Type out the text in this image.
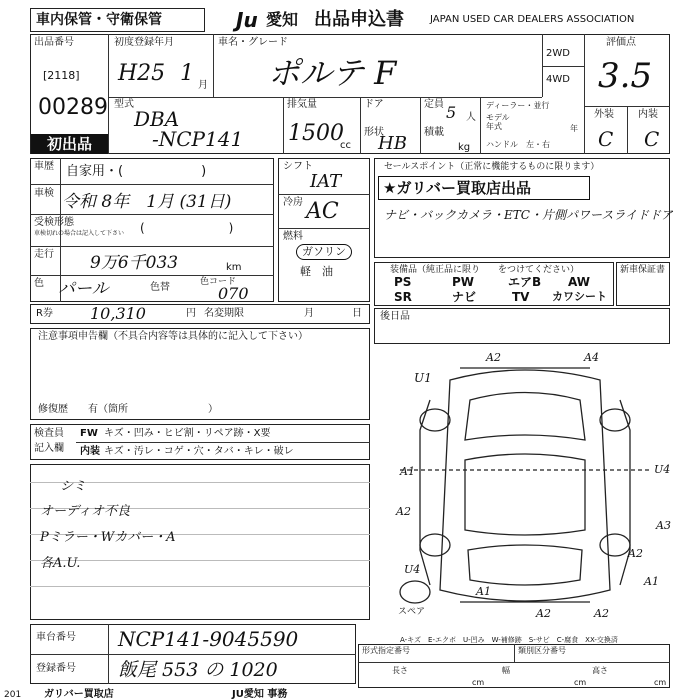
車内保管・守衛保管	Ju 愛知 出品申込書	JAPAN USED CAR DEALERS ASSOCIATION
出品番号
[2118]
00289
初出品
初度登録年月
H25 1 月
車名・グレード
ポルテ F
2WD
4WD
評価点
3.5
外装 内装
C C
型式
DBA
-NCP141
排気量
1500
cc
ドア
形状
HB
定員 5 人
積載
kg
ディーラー・並行
モデル
年式	年
ハンドル　左・右
車歴 自家用・(　　　　　　)
車検 令和 8年　1月 (31日)
受検形態
車検切れの場合は記入して下さい (　　　　　　　)
走行 9万6千033	km
色 パール	色替	色コード
070
シフト
IAT
冷房 AC
燃料
ガソリン
軽　油
セールスポイント（正常に機能するものに限ります）
★ガリバー買取店出品
ナビ・バックカメラ・ETC・片側パワースライドドア
装備品（純正品に限り　　をつけてください）
PS	PW	エアB AW
SR	ナビ	TV カワシート
新車保証書
R券 10,310	円 名変期限	月	日 後日品
注意事項申告欄（不具合内容等は具体的に記入して下さい）
修復歴　　有（箇所　　　　　　　　）
検査員
記入欄
FW キズ・凹み・ヒビ割・リペア跡・X要
内装 キズ・汚レ・コゲ・穴・タバ・キレ・破レ
シミ
オーディオ不良
Pミラー・Wカバー・A
各A.U.
U1
A2	A4
A1	U4
A3
A2
U4
A1
A2	A2
A2
A1
スペア
A-キズ　E-エクボ　U-凹み　W-補修跡　S-サビ　C-腐食　XX-交換済
車台番号 NCP141-9045590
登録番号 飯尾 553 の 1020
形式指定番号	類別区分番号
長さ
cm
幅
cm
高さ
cm
201 ガリバー買取店	JU愛知 事務
